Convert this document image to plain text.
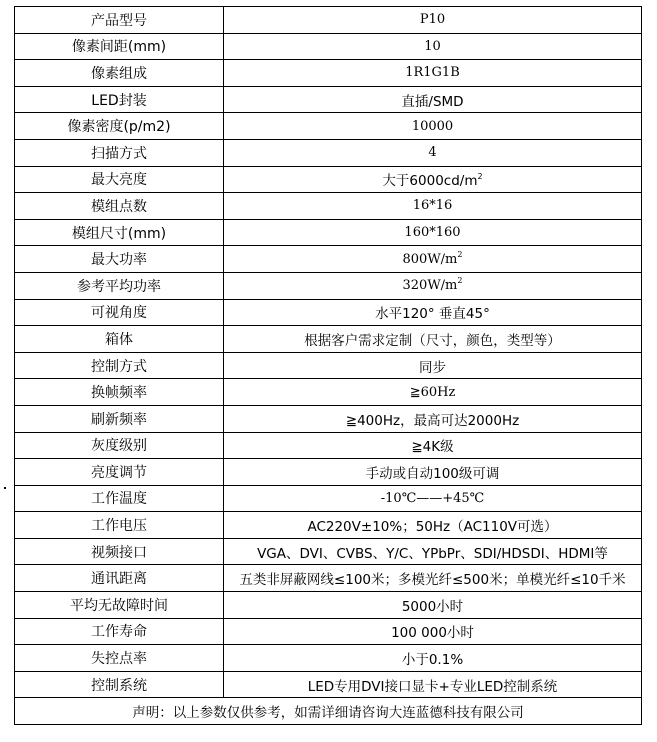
产品型号	P10
像素间距(mm)	10
像素组成	1R1G1B
LED封装	直插/SMD
像素密度(p/m2)	10000
扫描方式	4
最大亮度	大于$6000cd/m^2$
模组点数	16*16
模组尺寸(mm)	160*160
最大功率	$800W/m^2$
参考平均功率	$320W/m^2$
可视角度	水平120° 垂直45°
箱体	根据客户需求定制（尺寸，颜色，类型等）
控制方式	同步
换帧频率	≧60Hz
刷新频率	≧400Hz，最高可达2000Hz
灰度级别	≧4K级
亮度调节	手动或自动100级可调
工作温度	-10℃——+45℃
工作电压	AC220V±10%；50Hz（AC110V可选）
视频接口	VGA、DVI、CVBS、Y/C、YPbPr、SDI/HDSDI、HDMI等
通讯距离	五类非屏蔽网线≤100米；多模光纤≤500米；单模光纤≤10千米
平均无故障时间	5000小时
工作寿命	100 000小时
失控点率	小于0.1%
控制系统	LED专用DVI接口显卡+专业LED控制系统
声明：以上参数仅供参考，如需详细请咨询大连蓝德科技有限公司	
